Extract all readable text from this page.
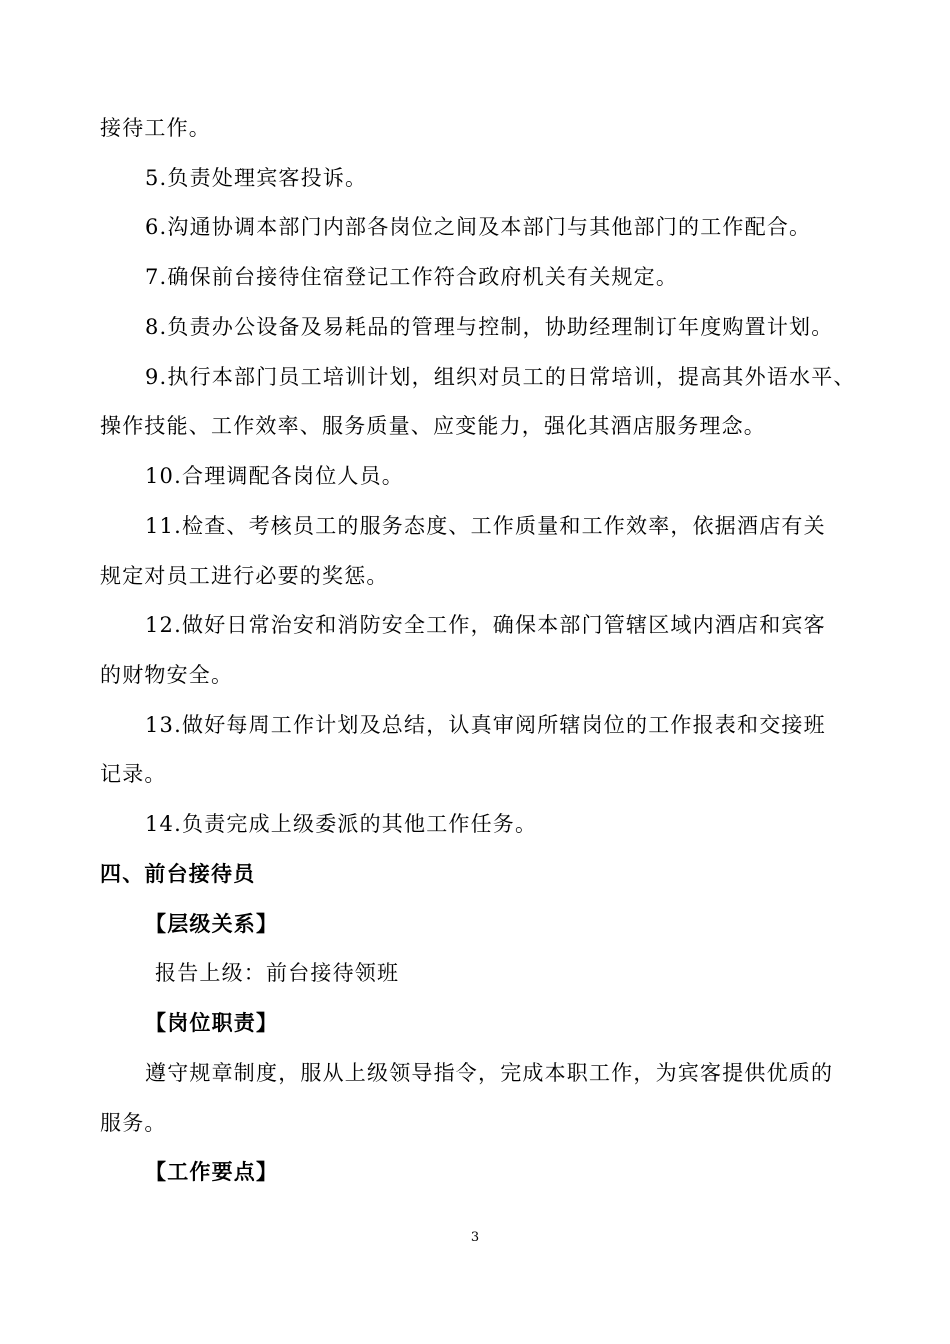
接待工作。

5.负责处理宾客投诉。

6.沟通协调本部门内部各岗位之间及本部门与其他部门的工作配合。

7.确保前台接待住宿登记工作符合政府机关有关规定。

8.负责办公设备及易耗品的管理与控制，协助经理制订年度购置计划。

9.执行本部门员工培训计划，组织对员工的日常培训，提高其外语水平、

操作技能、工作效率、服务质量、应变能力，强化其酒店服务理念。

10.合理调配各岗位人员。

11.检查、考核员工的服务态度、工作质量和工作效率，依据酒店有关

规定对员工进行必要的奖惩。

12.做好日常治安和消防安全工作，确保本部门管辖区域内酒店和宾客

的财物安全。

13.做好每周工作计划及总结，认真审阅所辖岗位的工作报表和交接班

记录。

14.负责完成上级委派的其他工作任务。

四、前台接待员

【层级关系】

报告上级：前台接待领班

【岗位职责】

遵守规章制度，服从上级领导指令，完成本职工作，为宾客提供优质的

服务。

【工作要点】

3
